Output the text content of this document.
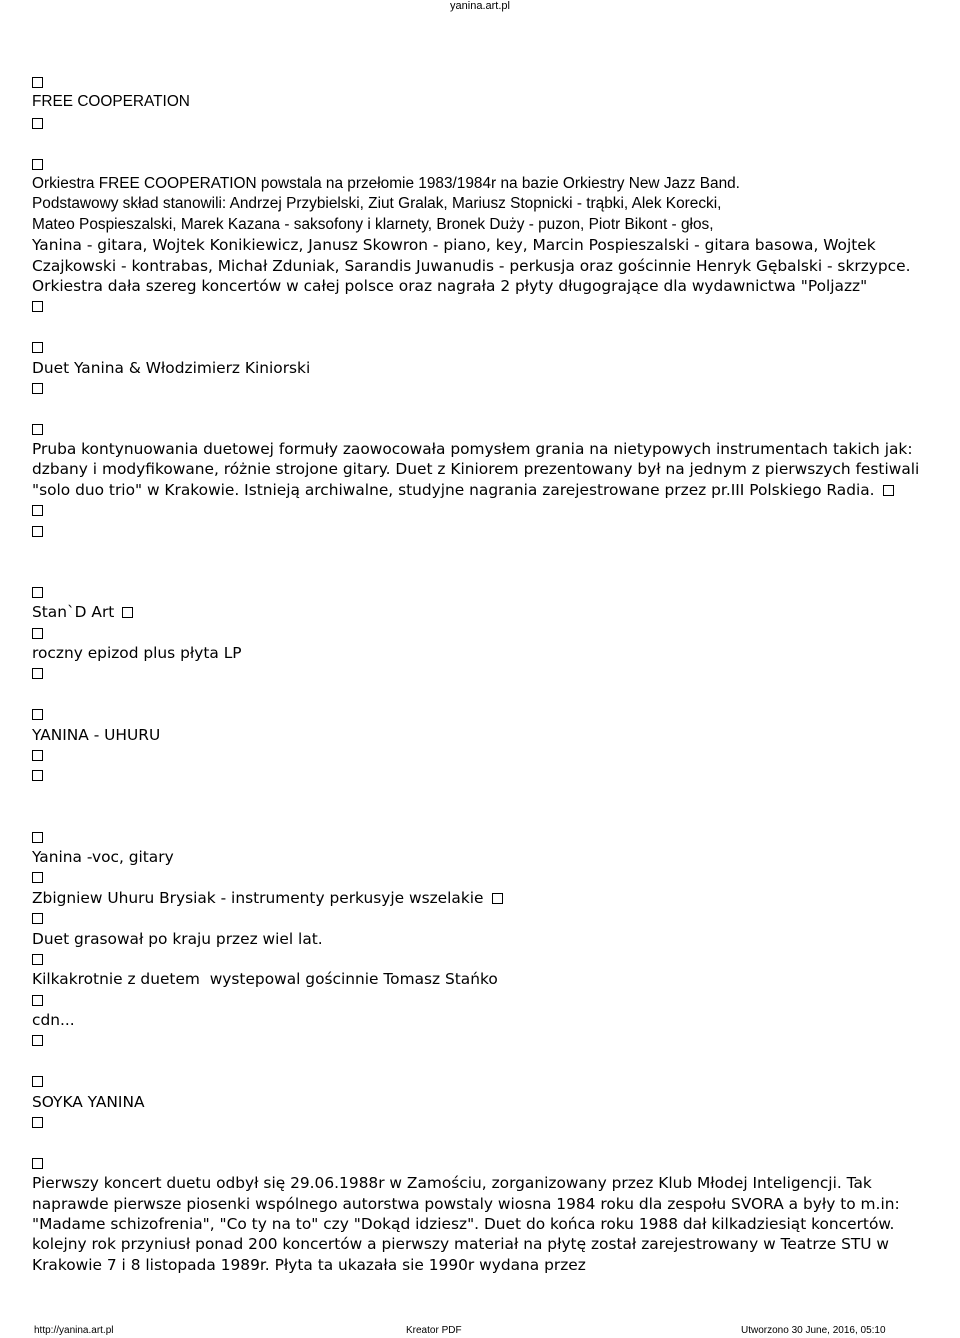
yanina.art.pl
FREE COOPERATION
Orkiestra FREE COOPERATION powstala na przełomie 1983/1984r na bazie Orkiestry New Jazz Band.
Podstawowy skład stanowili: Andrzej Przybielski, Ziut Gralak, Mariusz Stopnicki - trąbki, Alek Korecki,
Mateo Pospieszalski, Marek Kazana - saksofony i klarnety, Bronek Duży - puzon, Piotr Bikont - głos,
Yanina - gitara, Wojtek Konikiewicz, Janusz Skowron - piano, key, Marcin Pospieszalski - gitara basowa, Wojtek Czajkowski - kontrabas, Michał Zduniak, Sarandis Juwanudis - perkusja oraz gościnnie Henryk Gębalski - skrzypce. Orkiestra dała szereg koncertów w całej polsce oraz nagrała 2 płyty długogrające dla wydawnictwa "Poljazz"
Duet Yanina & Włodzimierz Kiniorski
Pruba kontynuowania duetowej formuły zaowocowała pomysłem grania na nietypowych instrumentach takich jak: dzbany i modyfikowane, różnie strojone gitary. Duet z Kiniorem prezentowany był na jednym z pierwszych festiwali "solo duo trio" w Krakowie. Istnieją archiwalne, studyjne nagrania zarejestrowane przez pr.III Polskiego Radia.
Stan`D Art
roczny epizod plus płyta LP
YANINA - UHURU
Yanina -voc, gitary
Zbigniew Uhuru Brysiak - instrumenty perkusyje wszelakie
Duet grasował po kraju przez wiel lat.
Kilkakrotnie z duetem  wystepowal gościnnie Tomasz Stańko
cdn...
SOYKA YANINA
Pierwszy koncert duetu odbył się 29.06.1988r w Zamościu, zorganizowany przez Klub Młodej Inteligencji. Tak naprawde pierwsze piosenki wspólnego autorstwa powstaly wiosna 1984 roku dla zespołu SVORA a były to m.in: "Madame schizofrenia", "Co ty na to" czy "Dokąd idziesz". Duet do końca roku 1988 dał kilkadziesiąt koncertów. kolejny rok przyniusł ponad 200 koncertów a pierwszy materiał na płytę został zarejestrowany w Teatrze STU w Krakowie 7 i 8 listopada 1989r. Płyta ta ukazała sie 1990r wydana przez
http://yanina.art.pl	Kreator PDF	Utworzono 30 June, 2016, 05:10
